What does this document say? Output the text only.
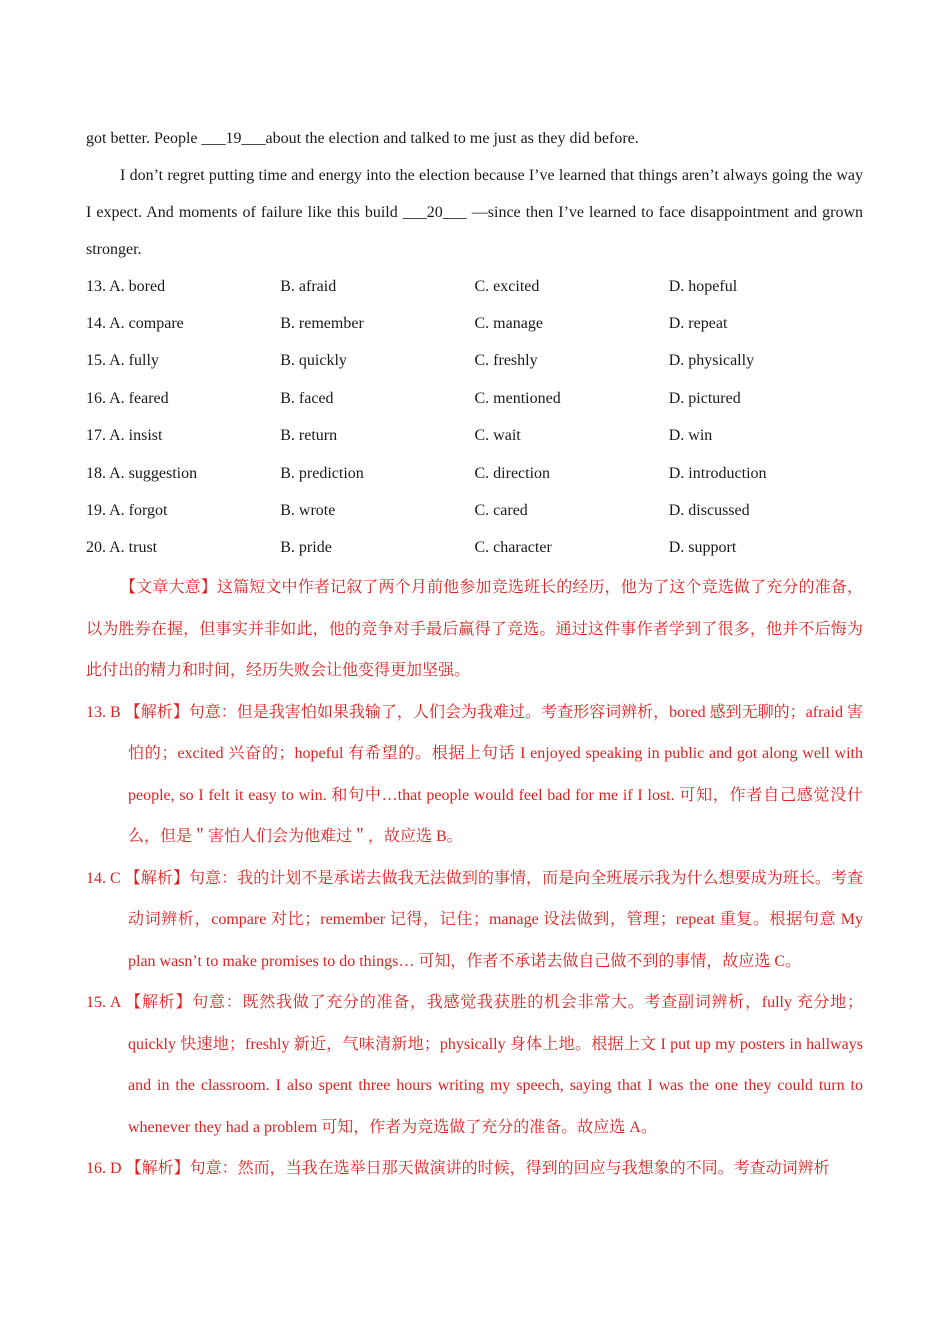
got better. People ___19___about the election and talked to me just as they did before.

I don’t regret putting time and energy into the election because I’ve learned that things aren’t always going the way I expect. And moments of failure like this build ___20___ —since then I’ve learned to face disappointment and grown stronger.

13. A. bored	B. afraid	C. excited	D. hopeful
14. A. compare	B. remember	C. manage	D. repeat
15. A. fully	B. quickly	C. freshly	D. physically
16. A. feared	B. faced	C. mentioned	D. pictured
17. A. insist	B. return	C. wait	D. win
18. A. suggestion	B. prediction	C. direction	D. introduction
19. A. forgot	B. wrote	C. cared	D. discussed
20. A. trust	B. pride	C. character	D. support

【文章大意】这篇短文中作者记叙了两个月前他参加竞选班长的经历，他为了这个竞选做了充分的准备，以为胜券在握，但事实并非如此，他的竞争对手最后赢得了竞选。通过这件事作者学到了很多，他并不后悔为此付出的精力和时间，经历失败会让他变得更加坚强。

13. B 【解析】句意：但是我害怕如果我输了，人们会为我难过。考查形容词辨析，bored 感到无聊的；afraid 害怕的；excited 兴奋的；hopeful 有希望的。根据上句话 I enjoyed speaking in public and got along well with people, so I felt it easy to win. 和句中…that people would feel bad for me if I lost. 可知，作者自己感觉没什么，但是＂害怕人们会为他难过＂，故应选 B。
14. C 【解析】句意：我的计划不是承诺去做我无法做到的事情，而是向全班展示我为什么想要成为班长。考查动词辨析，compare 对比；remember 记得，记住；manage 设法做到，管理；repeat 重复。根据句意 My plan wasn’t to make promises to do things… 可知，作者不承诺去做自己做不到的事情，故应选 C。
15. A 【解析】句意：既然我做了充分的准备，我感觉我获胜的机会非常大。考查副词辨析，fully 充分地；quickly 快速地；freshly 新近，气味清新地；physically 身体上地。根据上文 I put up my posters in hallways and in the classroom. I also spent three hours writing my speech, saying that I was the one they could turn to whenever they had a problem 可知，作者为竞选做了充分的准备。故应选 A。
16. D 【解析】句意：然而，当我在选举日那天做演讲的时候，得到的回应与我想象的不同。考查动词辨析
